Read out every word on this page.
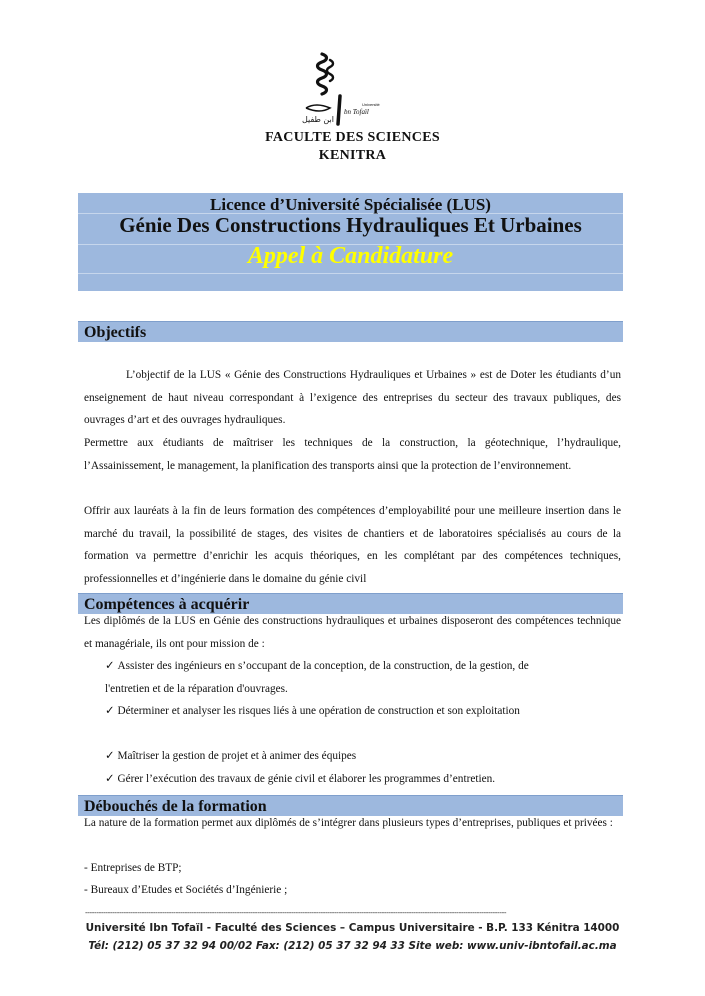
ابن طفيل
bn Tofaïl
Université
FACULTE DES SCIENCES
KENITRA
Licence d’Université Spécialisée (LUS)
Génie Des Constructions Hydrauliques Et Urbaines
Appel à Candidature
Objectifs
L’objectif de la LUS « Génie des Constructions Hydrauliques et Urbaines » est de Doter les étudiants d’un enseignement de haut niveau correspondant à l’exigence des entreprises du secteur des travaux publiques, des ouvrages d’art et des ouvrages hydrauliques.
Permettre aux étudiants de maîtriser les techniques de la construction, la géotechnique, l’hydraulique, l’Assainissement, le management, la planification des transports ainsi que la protection de l’environnement.
Offrir aux lauréats à la fin de leurs formation des compétences d’employabilité pour une meilleure insertion dans le marché du travail, la possibilité de stages, des visites de chantiers et de laboratoires spécialisés au cours de la formation va permettre d’enrichir les acquis théoriques, en les complétant par des compétences techniques, professionnelles et d’ingénierie dans le domaine du génie civil
Compétences à acquérir
Les diplômés de la LUS en Génie des constructions hydrauliques et urbaines disposeront des compétences technique et managériale, ils ont pour mission de :
✓ Assister des ingénieurs en s’occupant de la conception, de la construction, de la gestion, de l'entretien et de la réparation d'ouvrages.
✓ Déterminer et analyser les risques liés à une opération de construction et son exploitation
✓ Maîtriser la gestion de projet et à animer des équipes
✓ Gérer l’exécution des travaux de génie civil et élaborer les programmes d’entretien.
Débouchés de la formation
La nature de la formation permet aux diplômés de s’intégrer dans plusieurs types d’entreprises, publiques et privées :
- Entreprises de BTP;
- Bureaux d’Etudes et Sociétés d’Ingénierie ;
------------------------------------------------------------------------------------------------------------------------------------------------------------------------------------------
Université Ibn Tofaïl - Faculté des Sciences – Campus Universitaire - B.P. 133 Kénitra 14000
Tél: (212) 05 37 32 94 00/02 Fax: (212) 05 37 32 94 33 Site web: www.univ-ibntofail.ac.ma
